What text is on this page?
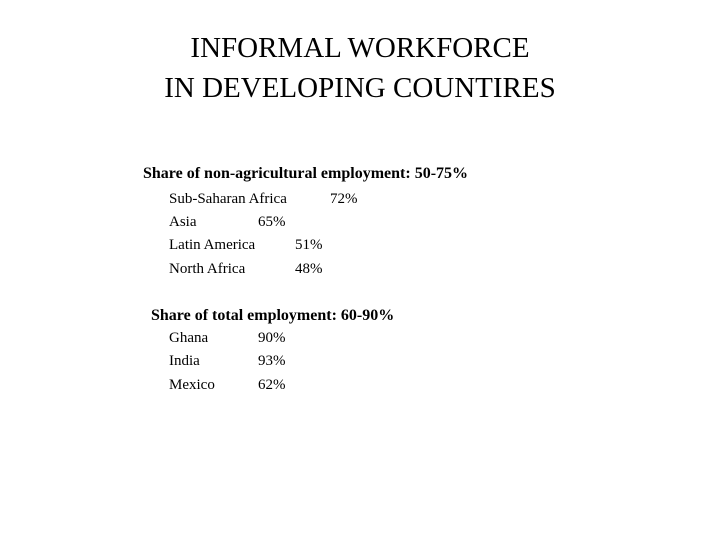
INFORMAL WORKFORCE
IN DEVELOPING COUNTIRES
Share of non-agricultural employment: 50-75%
Sub-Saharan Africa	72%
Asia	65%
Latin America	51%
North Africa	48%
Share of total employment: 60-90%
Ghana	90%
India	93%
Mexico	62%
